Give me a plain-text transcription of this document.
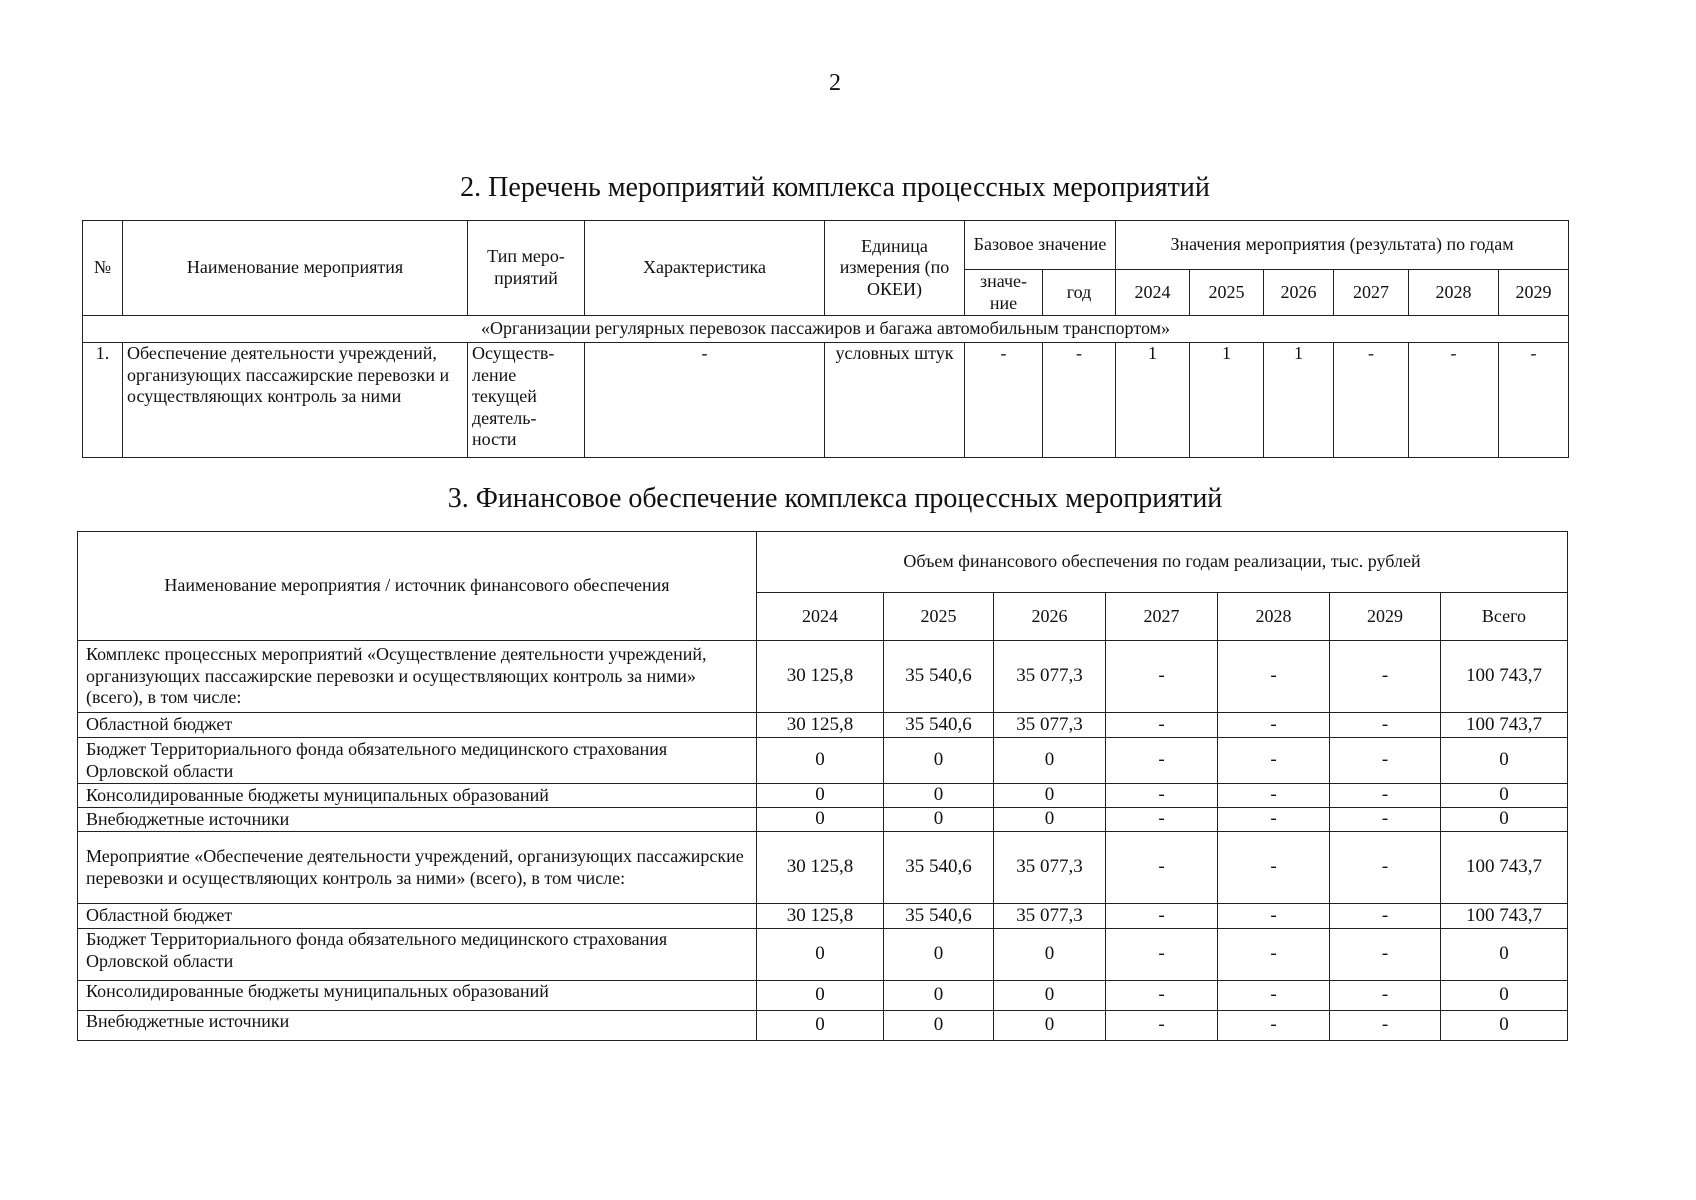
2
2. Перечень мероприятий комплекса процессных мероприятий
№	Наименование мероприятия	Тип меро-приятий	Характеристика	Единица измерения (по ОКЕИ)	Базовое значение		Значения мероприятия (результата) по годам					
					значе-ние	год	2024	2025	2026	2027	2028	2029
«Организации регулярных перевозок пассажиров и багажа автомобильным транспортом»												
1.	Обеспечение деятельности учреждений, организующих пассажирские перевозки и осуществляющих контроль за ними	Осуществ-ление текущей деятель-ности	-	условных штук	-	-	1	1	1	-	-	-
3. Финансовое обеспечение комплекса процессных мероприятий
Наименование мероприятия / источник финансового обеспечения	Объем финансового обеспечения по годам реализации, тыс. рублей						
	2024	2025	2026	2027	2028	2029	Всего
Комплекс процессных мероприятий «Осуществление деятельности учреждений, организующих пассажирские перевозки и осуществляющих контроль за ними» (всего), в том числе:	30 125,8	35 540,6	35 077,3	-	-	-	100 743,7
Областной бюджет	30 125,8	35 540,6	35 077,3	-	-	-	100 743,7
Бюджет Территориального фонда обязательного медицинского страхования Орловской области	0	0	0	-	-	-	0
Консолидированные бюджеты муниципальных образований	0	0	0	-	-	-	0
Внебюджетные источники	0	0	0	-	-	-	0
Мероприятие «Обеспечение деятельности учреждений, организующих пассажирские перевозки и осуществляющих контроль за ними» (всего), в том числе:	30 125,8	35 540,6	35 077,3	-	-	-	100 743,7
Областной бюджет	30 125,8	35 540,6	35 077,3	-	-	-	100 743,7
Бюджет Территориального фонда обязательного медицинского страхования Орловской области	0	0	0	-	-	-	0
Консолидированные бюджеты муниципальных образований	0	0	0	-	-	-	0
Внебюджетные источники	0	0	0	-	-	-	0
